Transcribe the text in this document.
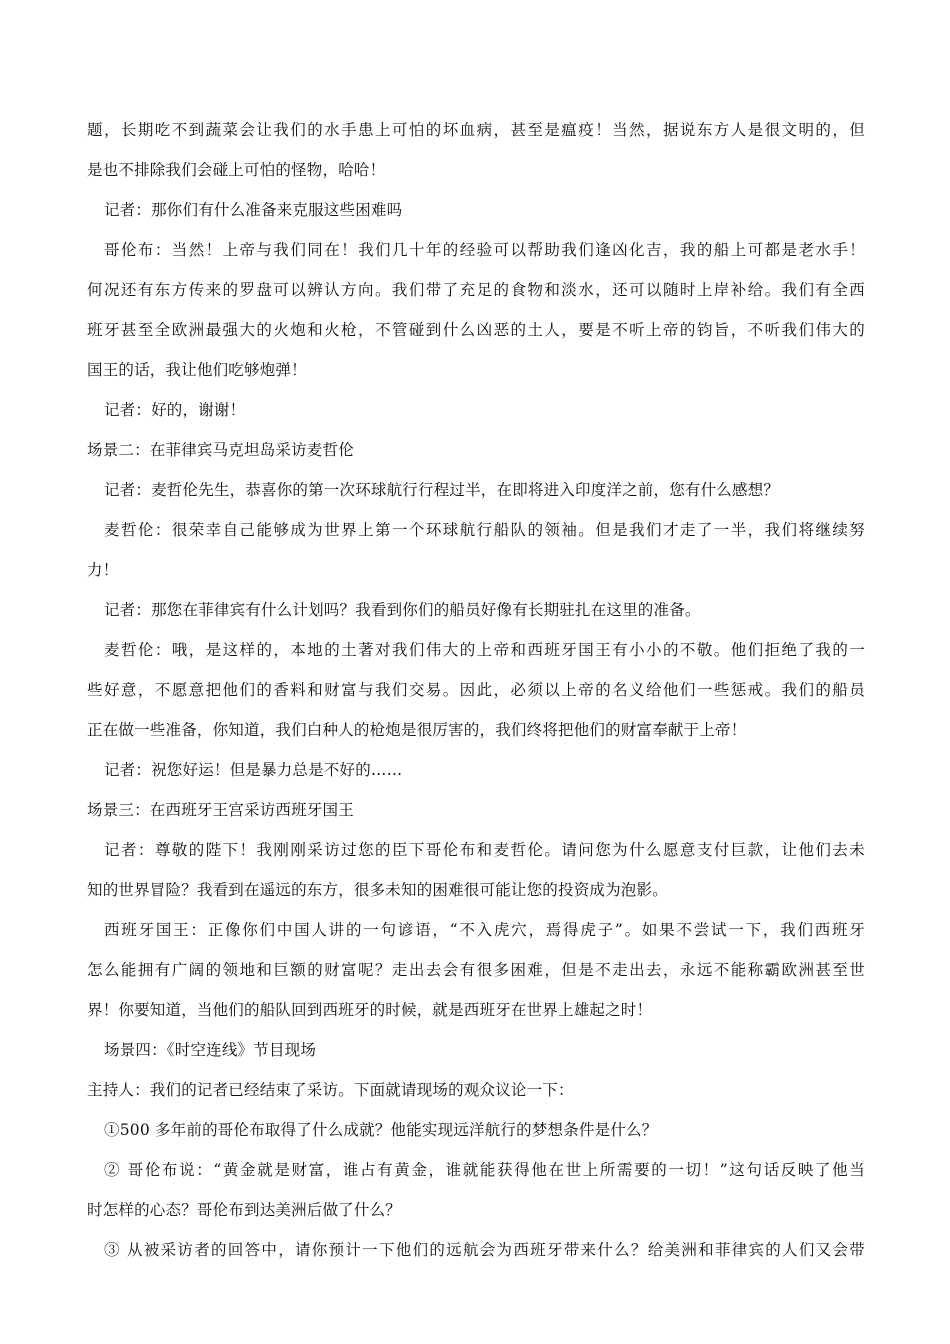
题，长期吃不到蔬菜会让我们的水手患上可怕的坏血病，甚至是瘟疫！当然，据说东方人是很文明的，但
是也不排除我们会碰上可怕的怪物，哈哈！
记者：那你们有什么准备来克服这些困难吗
哥伦布：当然！上帝与我们同在！我们几十年的经验可以帮助我们逢凶化吉，我的船上可都是老水手！
何况还有东方传来的罗盘可以辨认方向。我们带了充足的食物和淡水，还可以随时上岸补给。我们有全西
班牙甚至全欧洲最强大的火炮和火枪，不管碰到什么凶恶的土人，要是不听上帝的钧旨，不听我们伟大的
国王的话，我让他们吃够炮弹！
记者：好的，谢谢！
场景二：在菲律宾马克坦岛采访麦哲伦
记者：麦哲伦先生，恭喜你的第一次环球航行行程过半，在即将进入印度洋之前，您有什么感想？
麦哲伦：很荣幸自己能够成为世界上第一个环球航行船队的领袖。但是我们才走了一半，我们将继续努
力！
记者：那您在菲律宾有什么计划吗？我看到你们的船员好像有长期驻扎在这里的准备。
麦哲伦：哦，是这样的，本地的土著对我们伟大的上帝和西班牙国王有小小的不敬。他们拒绝了我的一
些好意，不愿意把他们的香料和财富与我们交易。因此，必须以上帝的名义给他们一些惩戒。我们的船员
正在做一些准备，你知道，我们白种人的枪炮是很厉害的，我们终将把他们的财富奉献于上帝！
记者：祝您好运！但是暴力总是不好的……
场景三：在西班牙王宫采访西班牙国王
记者：尊敬的陛下！我刚刚采访过您的臣下哥伦布和麦哲伦。请问您为什么愿意支付巨款，让他们去未
知的世界冒险？我看到在遥远的东方，很多未知的困难很可能让您的投资成为泡影。
西班牙国王：正像你们中国人讲的一句谚语，“不入虎穴，焉得虎子”。如果不尝试一下，我们西班牙
怎么能拥有广阔的领地和巨额的财富呢？走出去会有很多困难，但是不走出去，永远不能称霸欧洲甚至世
界！你要知道，当他们的船队回到西班牙的时候，就是西班牙在世界上雄起之时！
场景四：《时空连线》节目现场
主持人：我们的记者已经结束了采访。下面就请现场的观众议论一下：
①500 多年前的哥伦布取得了什么成就？他能实现远洋航行的梦想条件是什么？
② 哥伦布说：“黄金就是财富，谁占有黄金，谁就能获得他在世上所需要的一切！”这句话反映了他当
时怎样的心态？哥伦布到达美洲后做了什么？
③ 从被采访者的回答中，请你预计一下他们的远航会为西班牙带来什么？给美洲和菲律宾的人们又会带
